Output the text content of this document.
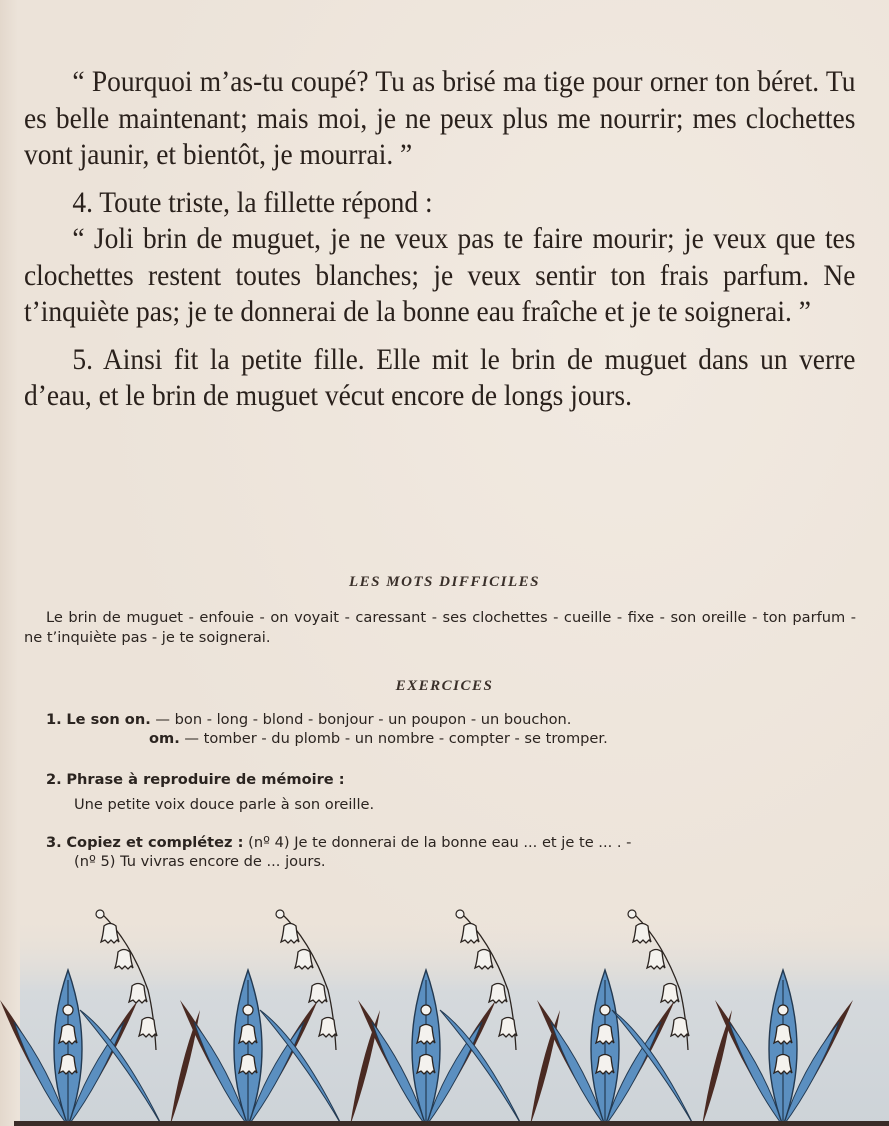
“ Pourquoi m’as-tu coupé? Tu as brisé ma tige pour orner ton béret. Tu es belle maintenant; mais moi, je ne peux plus me nourrir; mes clochettes vont jaunir, et bientôt, je mourrai. ”

4. Toute triste, la fillette répond :

“ Joli brin de muguet, je ne veux pas te faire mourir; je veux que tes clochettes restent toutes blanches; je veux sentir ton frais parfum. Ne t’inquiète pas; je te donnerai de la bonne eau fraîche et je te soignerai. ”

5. Ainsi fit la petite fille. Elle mit le brin de muguet dans un verre d’eau, et le brin de muguet vécut encore de longs jours.

LES MOTS DIFFICILES
Le brin de muguet - enfouie - on voyait - caressant - ses clochettes - cueille - fixe - son oreille - ton parfum - ne t’inquiète pas - je te soignerai.
EXERCICES
1. Le son on. — bon - long - blond - bonjour - un poupon - un bouchon.
om. — tomber - du plomb - un nombre - compter - se tromper.
2. Phrase à reproduire de mémoire :
Une petite voix douce parle à son oreille.
3. Copiez et complétez : (nº 4) Je te donnerai de la bonne eau ... et je te ... . -
(nº 5) Tu vivras encore de ... jours.
